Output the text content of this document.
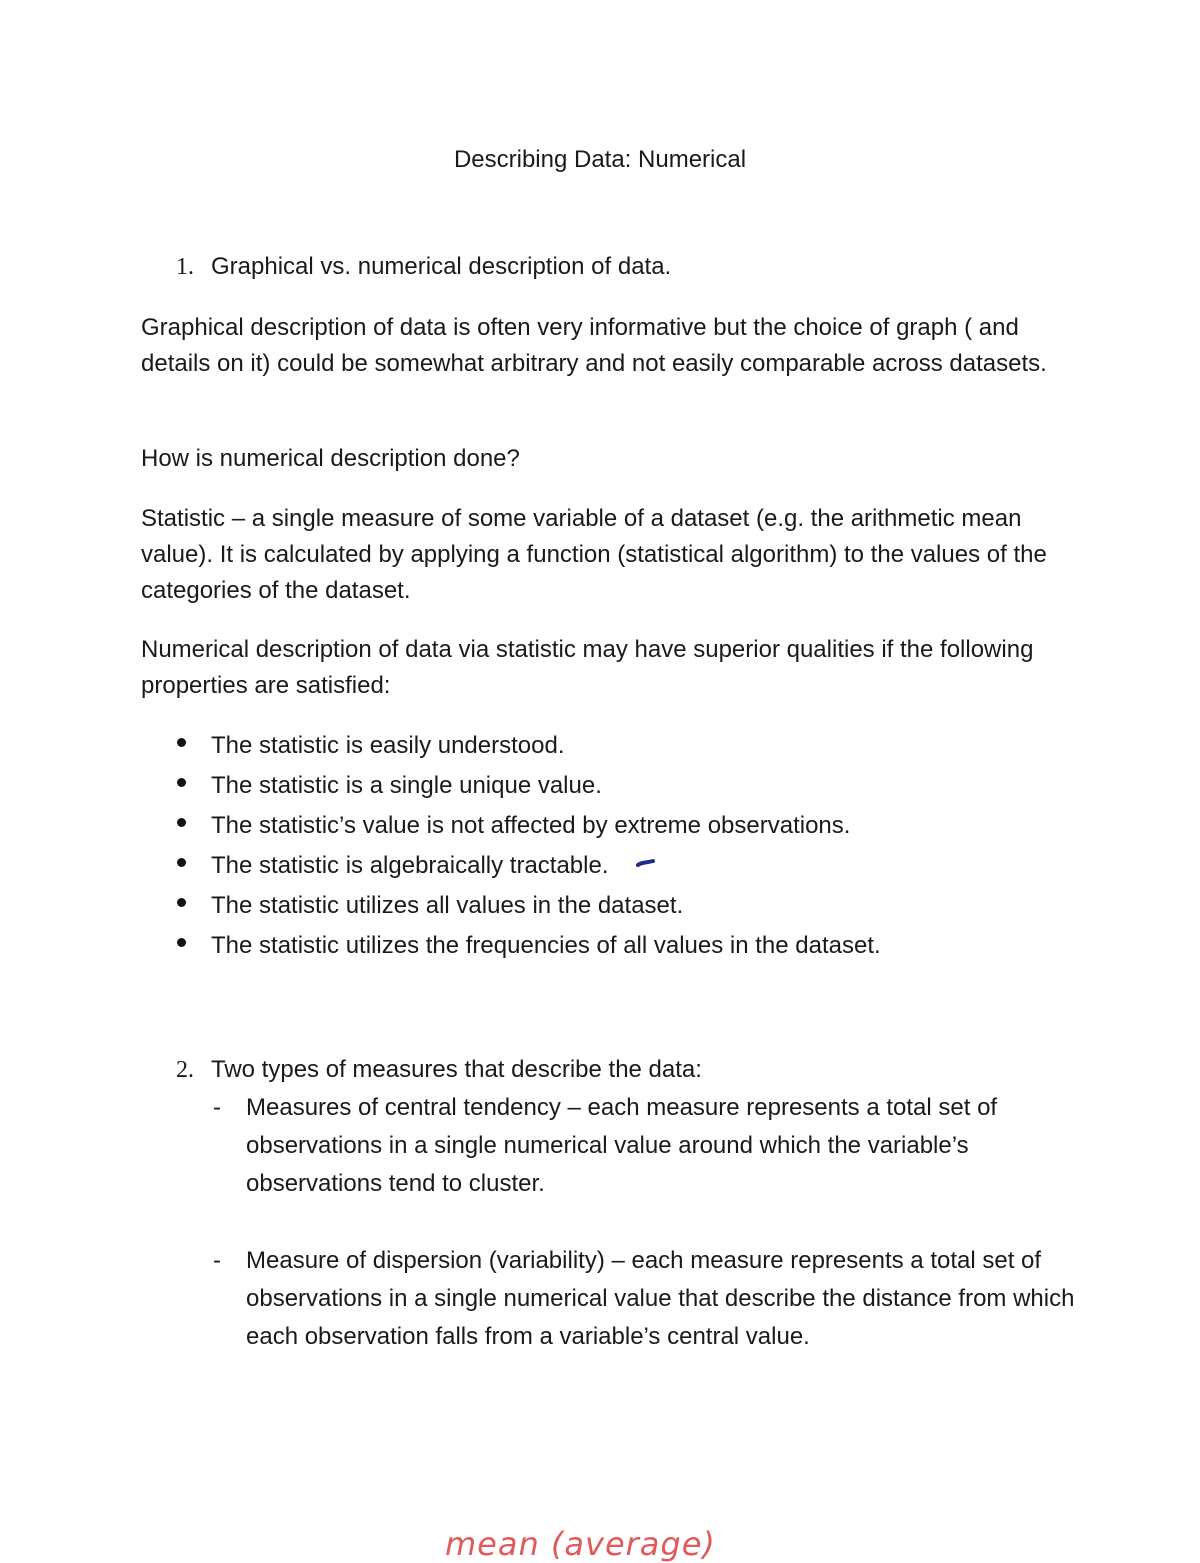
Describing Data: Numerical
1. Graphical vs. numerical description of data.
Graphical description of data is often very informative but the choice of graph ( and details on it) could be somewhat arbitrary and not easily comparable across datasets.
How is numerical description done?
Statistic – a single measure of some variable of a dataset (e.g. the arithmetic mean value). It is calculated by applying a function (statistical algorithm) to the values of the categories of the dataset.
Numerical description of data via statistic may have superior qualities if the following properties are satisfied:
The statistic is easily understood.
The statistic is a single unique value.
The statistic’s value is not affected by extreme observations.
The statistic is algebraically tractable.
The statistic utilizes all values in the dataset.
The statistic utilizes the frequencies of all values in the dataset.
2. Two types of measures that describe the data:
- Measures of central tendency – each measure represents a total set of observations in a single numerical value around which the variable’s observations tend to cluster.
- Measure of dispersion (variability) – each measure represents a total set of observations in a single numerical value that describe the distance from which each observation falls from a variable’s central value.
mean (average)
